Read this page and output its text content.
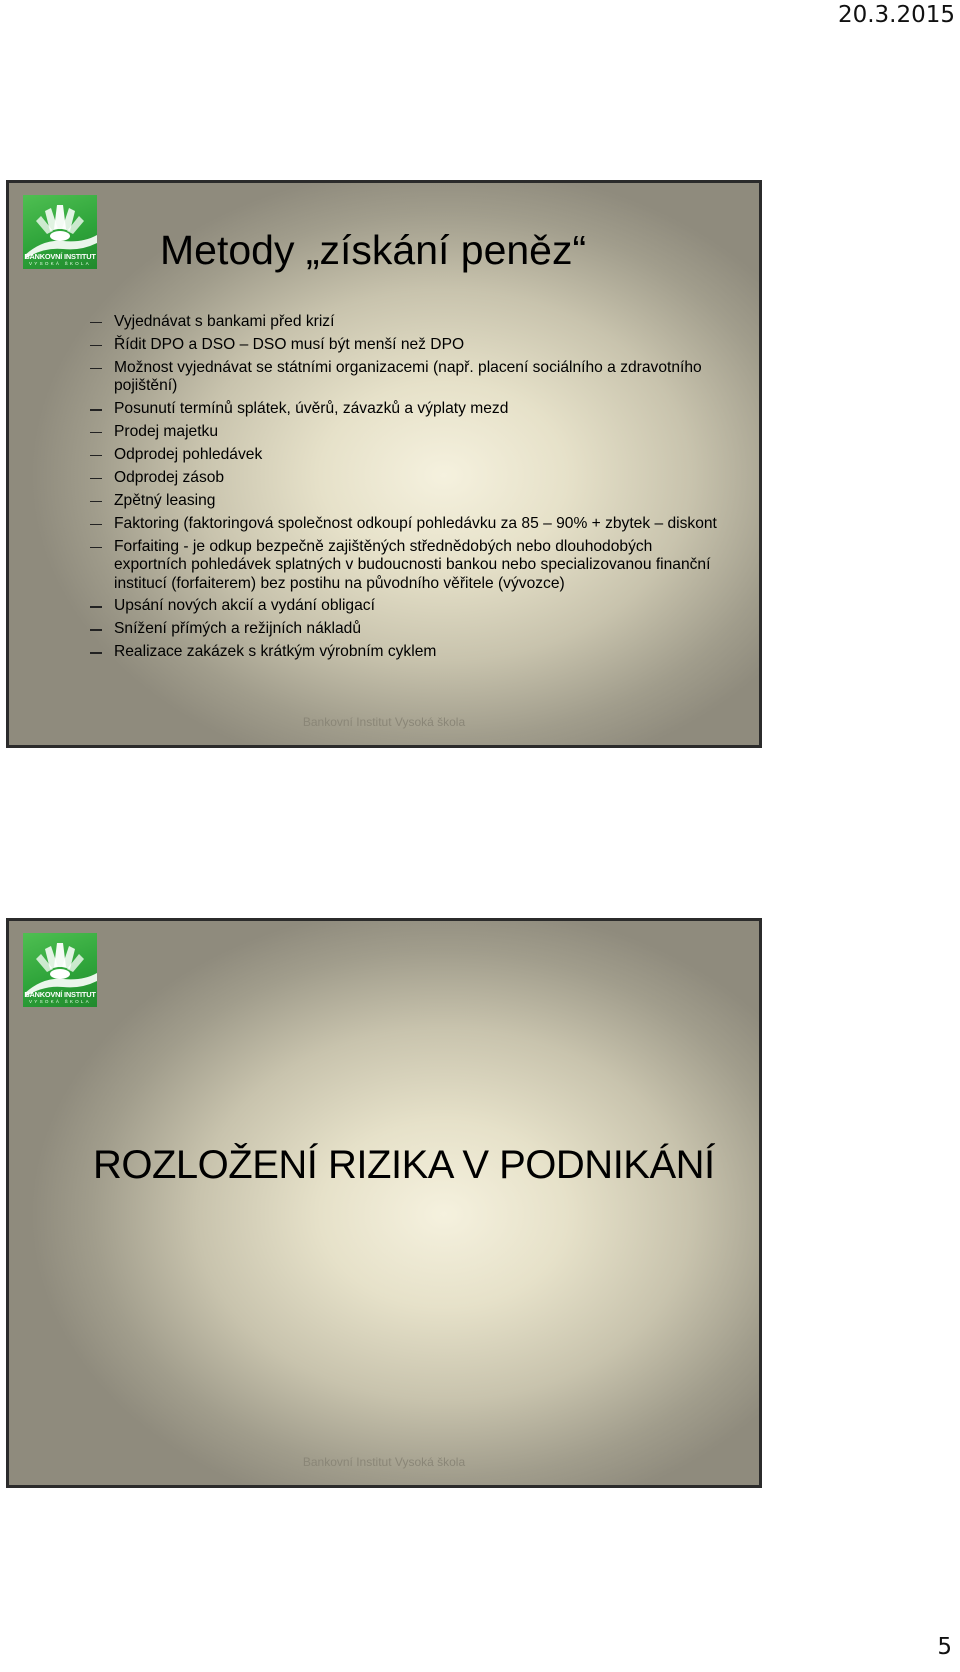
20.3.2015
BANKOVNÍ INSTITUT
VYSOKÁ ŠKOLA Metody „získání peněz“
Vyjednávat s bankami před krizí
Řídit DPO a DSO – DSO musí být menší než DPO
Možnost vyjednávat se státními organizacemi (např. placení sociálního a zdravotního pojištění)
Posunutí termínů splátek, úvěrů, závazků a výplaty mezd
Prodej majetku
Odprodej pohledávek
Odprodej zásob
Zpětný leasing
Faktoring (faktoringová společnost odkoupí pohledávku za 85 – 90% + zbytek – diskont
Forfaiting - je odkup bezpečně zajištěných střednědobých nebo dlouhodobých exportních pohledávek splatných v budoucnosti bankou nebo specializovanou finanční institucí (forfaiterem) bez postihu na původního věřitele (vývozce)
Upsání nových akcií a vydání obligací
Snížení přímých a režijních nákladů
Realizace zakázek s krátkým výrobním cyklem
Bankovní Institut Vysoká škola
BANKOVNÍ INSTITUT
VYSOKÁ ŠKOLA
ROZLOŽENÍ RIZIKA V PODNIKÁNÍ
Bankovní Institut Vysoká škola
5
